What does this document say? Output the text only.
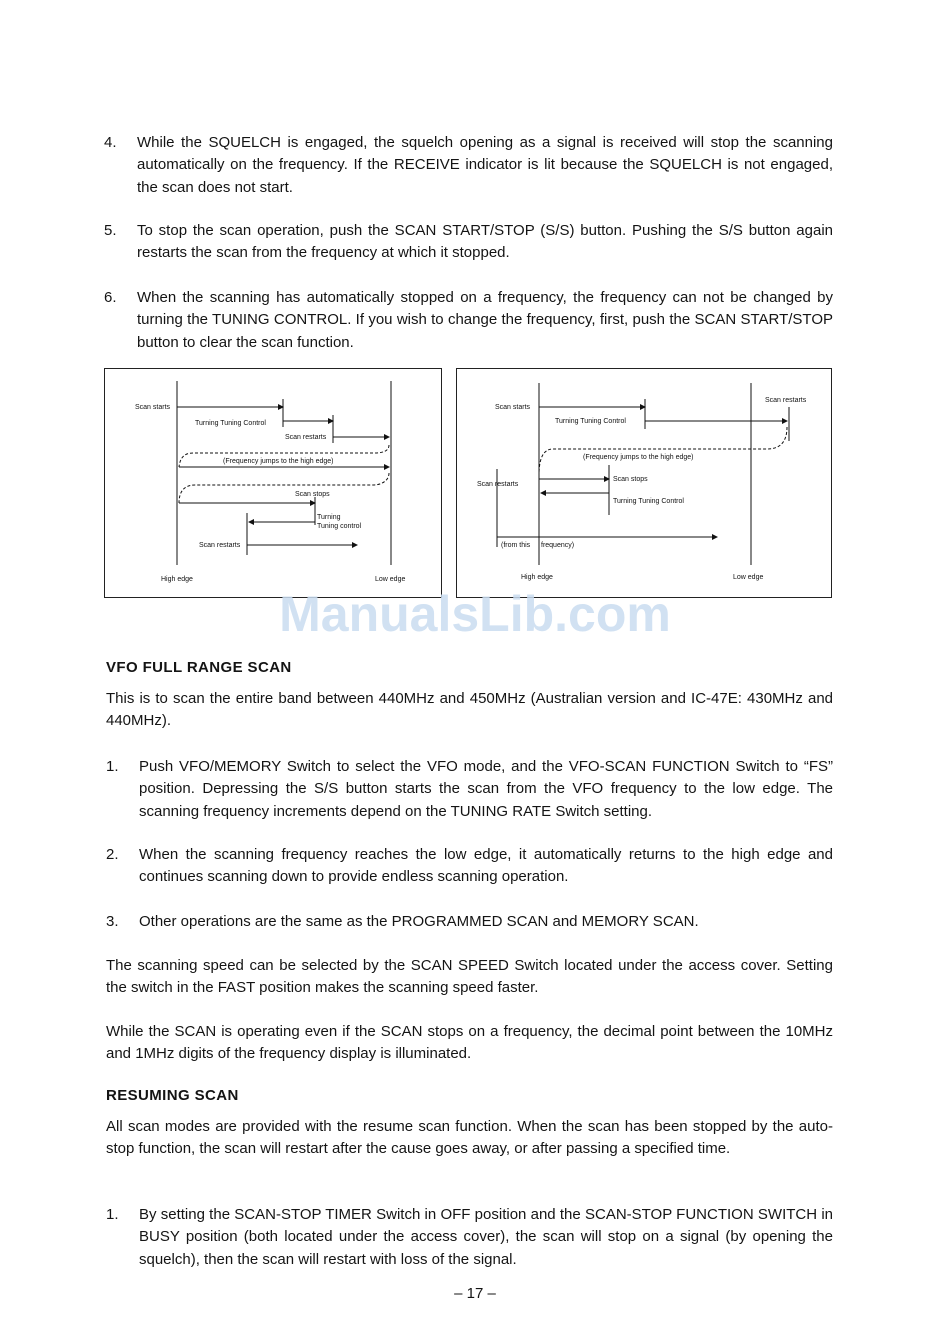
4.	While the SQUELCH is engaged, the squelch opening as a signal is received will stop the scanning automatically on the frequency. If the RECEIVE indicator is lit because the SQUELCH is not engaged, the scan does not start.
5.	To stop the scan operation, push the SCAN START/STOP (S/S) button. Pushing the S/S button again restarts the scan from the frequency at which it stopped.
6.	When the scanning has automatically stopped on a frequency, the frequency can not be changed by turning the TUNING CONTROL. If you wish to change the frequency, first, push the SCAN START/STOP button to clear the scan function.
Scan starts
Turning Tuning Control
Scan restarts
(Frequency jumps to the high edge)
Scan stops
Turning
Tuning control
Scan restarts
High edge	Low edge
Scan restarts
Scan starts
Turning Tuning Control
(Frequency jumps to the high edge)
Scan restarts
Scan stops
Turning Tuning Control
(from this frequency)
High edge	Low edge
ManualsLib.com
VFO FULL RANGE SCAN

This is to scan the entire band between 440MHz and 450MHz (Australian version and IC-47E: 430MHz and 440MHz).

1.	Push VFO/MEMORY Switch to select the VFO mode, and the VFO-SCAN FUNCTION Switch to “FS” position. Depressing the S/S button starts the scan from the VFO frequency to the low edge. The scanning frequency increments depend on the TUNING RATE Switch setting.
2.	When the scanning frequency reaches the low edge, it automatically returns to the high edge and continues scanning down to provide endless scanning operation.
3.	Other operations are the same as the PROGRAMMED SCAN and MEMORY SCAN.

The scanning speed can be selected by the SCAN SPEED Switch located under the access cover. Setting the switch in the FAST position makes the scanning speed faster.

While the SCAN is operating even if the SCAN stops on a frequency, the decimal point between the 10MHz and 1MHz digits of the frequency display is illuminated.

RESUMING SCAN

All scan modes are provided with the resume scan function. When the scan has been stopped by the auto-stop function, the scan will restart after the cause goes away, or after passing a specified time.

1.	By setting the SCAN-STOP TIMER Switch in OFF position and the SCAN-STOP FUNCTION SWITCH in BUSY position (both located under the access cover), the scan will stop on a signal (by opening the squelch), then the scan will restart with loss of the signal.
– 17 –
